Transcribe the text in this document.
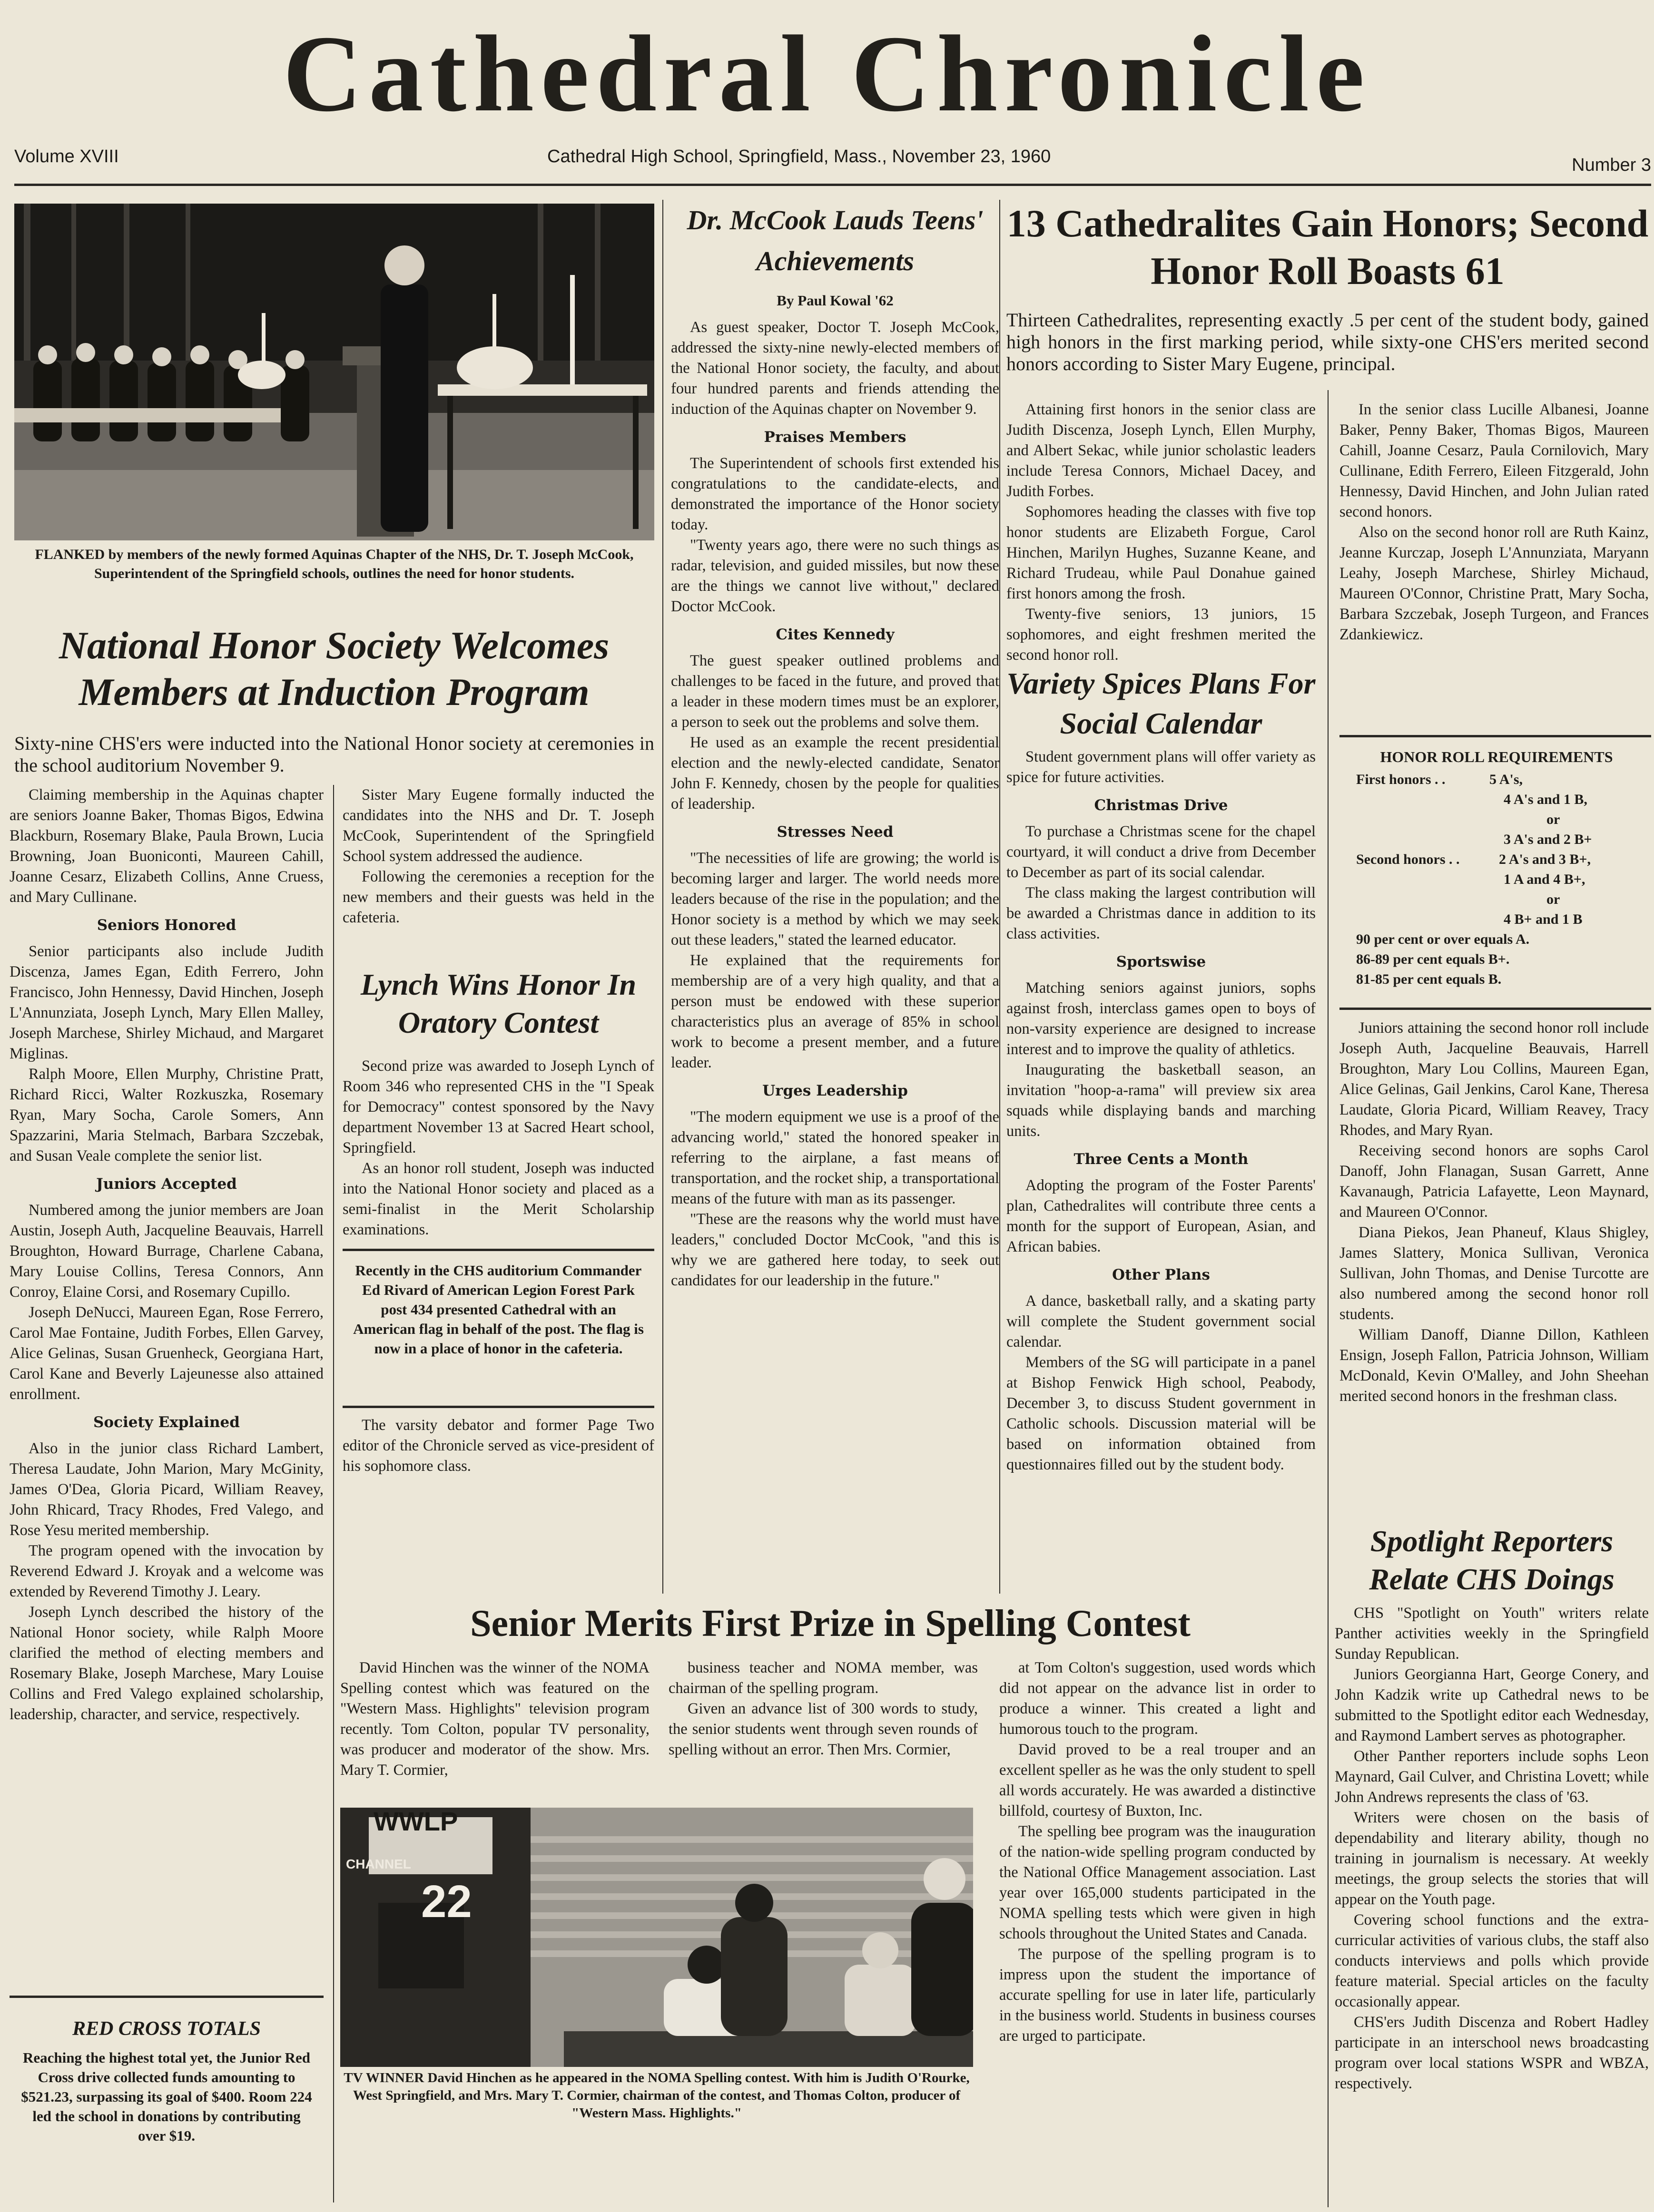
Cathedral Chronicle
Volume XVIII	Cathedral High School, Springfield, Mass., November 23, 1960	Number 3
FLANKED by members of the newly formed Aquinas Chapter of the NHS, Dr. T. Joseph McCook, Superintendent of the Springfield schools, outlines the need for honor students.
National Honor Society Welcomes Members at Induction Program
Sixty-nine CHS'ers were inducted into the National Honor society at ceremonies in the school auditorium November 9.

Claiming membership in the Aquinas chapter are seniors Joanne Baker, Thomas Bigos, Edwina Blackburn, Rosemary Blake, Paula Brown, Lucia Browning, Joan Buoniconti, Maureen Cahill, Joanne Cesarz, Elizabeth Collins, Anne Cruess, and Mary Cullinane.

Seniors Honored

Senior participants also include Judith Discenza, James Egan, Edith Ferrero, John Francisco, John Hennessy, David Hinchen, Joseph L'Annunziata, Joseph Lynch, Mary Ellen Malley, Joseph Marchese, Shirley Michaud, and Margaret Miglinas.

Ralph Moore, Ellen Murphy, Christine Pratt, Richard Ricci, Walter Rozkuszka, Rosemary Ryan, Mary Socha, Carole Somers, Ann Spazzarini, Maria Stelmach, Barbara Szczebak, and Susan Veale complete the senior list.

Juniors Accepted

Numbered among the junior members are Joan Austin, Joseph Auth, Jacqueline Beauvais, Harrell Broughton, Howard Burrage, Charlene Cabana, Mary Louise Collins, Teresa Connors, Ann Conroy, Elaine Corsi, and Rosemary Cupillo.

Joseph DeNucci, Maureen Egan, Rose Ferrero, Carol Mae Fontaine, Judith Forbes, Ellen Garvey, Alice Gelinas, Susan Gruenheck, Georgiana Hart, Carol Kane and Beverly Lajeunesse also attained enrollment.

Society Explained

Also in the junior class Richard Lambert, Theresa Laudate, John Marion, Mary McGinity, James O'Dea, Gloria Picard, William Reavey, John Rhicard, Tracy Rhodes, Fred Valego, and Rose Yesu merited membership.

The program opened with the invocation by Reverend Edward J. Kroyak and a welcome was extended by Reverend Timothy J. Leary.

Joseph Lynch described the history of the National Honor society, while Ralph Moore clarified the method of electing members and Rosemary Blake, Joseph Marchese, Mary Louise Collins and Fred Valego explained scholarship, leadership, character, and service, respectively.

Sister Mary Eugene formally inducted the candidates into the NHS and Dr. T. Joseph McCook, Superintendent of the Springfield School system addressed the audience.

Following the ceremonies a reception for the new members and their guests was held in the cafeteria.

RED CROSS TOTALS
Reaching the highest total yet, the Junior Red Cross drive collected funds amounting to $521.23, surpassing its goal of $400. Room 224 led the school in donations by contributing over $19.
Lynch Wins Honor In Oratory Contest

Second prize was awarded to Joseph Lynch of Room 346 who represented CHS in the "I Speak for Democracy" contest sponsored by the Navy department November 13 at Sacred Heart school, Springfield.

As an honor roll student, Joseph was inducted into the National Honor society and placed as a semi-finalist in the Merit Scholarship examinations.

Recently in the CHS auditorium Commander Ed Rivard of American Legion Forest Park post 434 presented Cathedral with an American flag in behalf of the post. The flag is now in a place of honor in the cafeteria.

The varsity debator and former Page Two editor of the Chronicle served as vice-president of his sophomore class.

Dr. McCook Lauds Teens' Achievements
By Paul Kowal '62

As guest speaker, Doctor T. Joseph McCook, addressed the sixty-nine newly-elected members of the National Honor society, the faculty, and about four hundred parents and friends attending the induction of the Aquinas chapter on November 9.

Praises Members

The Superintendent of schools first extended his congratulations to the candidate-elects, and demonstrated the importance of the Honor society today.

"Twenty years ago, there were no such things as radar, television, and guided missiles, but now these are the things we cannot live without," declared Doctor McCook.

Cites Kennedy

The guest speaker outlined problems and challenges to be faced in the future, and proved that a leader in these modern times must be an explorer, a person to seek out the problems and solve them.

He used as an example the recent presidential election and the newly-elected candidate, Senator John F. Kennedy, chosen by the people for qualities of leadership.

Stresses Need

"The necessities of life are growing; the world is becoming larger and larger. The world needs more leaders because of the rise in the population; and the Honor society is a method by which we may seek out these leaders," stated the learned educator.

He explained that the requirements for membership are of a very high quality, and that a person must be endowed with these superior characteristics plus an average of 85% in school work to become a present member, and a future leader.

Urges Leadership

"The modern equipment we use is a proof of the advancing world," stated the honored speaker in referring to the airplane, a fast means of transportation, and the rocket ship, a transportational means of the future with man as its passenger.

"These are the reasons why the world must have leaders," concluded Doctor McCook, "and this is why we are gathered here today, to seek out candidates for our leadership in the future."

13 Cathedralites Gain Honors; Second Honor Roll Boasts 61
Thirteen Cathedralites, representing exactly .5 per cent of the student body, gained high honors in the first marking period, while sixty-one CHS'ers merited second honors according to Sister Mary Eugene, principal.

Attaining first honors in the senior class are Judith Discenza, Joseph Lynch, Ellen Murphy, and Albert Sekac, while junior scholastic leaders include Teresa Connors, Michael Dacey, and Judith Forbes.

Sophomores heading the classes with five top honor students are Elizabeth Forgue, Carol Hinchen, Marilyn Hughes, Suzanne Keane, and Richard Trudeau, while Paul Donahue gained first honors among the frosh.

Twenty-five seniors, 13 juniors, 15 sophomores, and eight freshmen merited the second honor roll.

In the senior class Lucille Albanesi, Joanne Baker, Penny Baker, Thomas Bigos, Maureen Cahill, Joanne Cesarz, Paula Cornilovich, Mary Cullinane, Edith Ferrero, Eileen Fitzgerald, John Hennessy, David Hinchen, and John Julian rated second honors.

Also on the second honor roll are Ruth Kainz, Jeanne Kurczap, Joseph L'Annunziata, Maryann Leahy, Joseph Marchese, Shirley Michaud, Maureen O'Connor, Christine Pratt, Mary Socha, Barbara Szczebak, Joseph Turgeon, and Frances Zdankiewicz.

HONOR ROLL REQUIREMENTS
First honors . .	5 A's,
4 A's and 1 B,
or
3 A's and 2 B+
Second honors . .	2 A's and 3 B+,
1 A and 4 B+,
or
4 B+ and 1 B
90 per cent or over equals A.
86-89 per cent equals B+.
81-85 per cent equals B.

Juniors attaining the second honor roll include Joseph Auth, Jacqueline Beauvais, Harrell Broughton, Mary Lou Collins, Maureen Egan, Alice Gelinas, Gail Jenkins, Carol Kane, Theresa Laudate, Gloria Picard, William Reavey, Tracy Rhodes, and Mary Ryan.

Receiving second honors are sophs Carol Danoff, John Flanagan, Susan Garrett, Anne Kavanaugh, Patricia Lafayette, Leon Maynard, and Maureen O'Connor.

Diana Piekos, Jean Phaneuf, Klaus Shigley, James Slattery, Monica Sullivan, Veronica Sullivan, John Thomas, and Denise Turcotte are also numbered among the second honor roll students.

William Danoff, Dianne Dillon, Kathleen Ensign, Joseph Fallon, Patricia Johnson, William McDonald, Kevin O'Malley, and John Sheehan merited second honors in the freshman class.

Variety Spices Plans For Social Calendar

Student government plans will offer variety as spice for future activities.

Christmas Drive

To purchase a Christmas scene for the chapel courtyard, it will conduct a drive from December to December as part of its social calendar.

The class making the largest contribution will be awarded a Christmas dance in addition to its class activities.

Sportswise

Matching seniors against juniors, sophs against frosh, interclass games open to boys of non-varsity experience are designed to increase interest and to improve the quality of athletics.

Inaugurating the basketball season, an invitation "hoop-a-rama" will preview six area squads while displaying bands and marching units.

Three Cents a Month

Adopting the program of the Foster Parents' plan, Cathedralites will contribute three cents a month for the support of European, Asian, and African babies.

Other Plans

A dance, basketball rally, and a skating party will complete the Student government social calendar.

Members of the SG will participate in a panel at Bishop Fenwick High school, Peabody, December 3, to discuss Student government in Catholic schools. Discussion material will be based on information obtained from questionnaires filled out by the student body.

Spotlight Reporters Relate CHS Doings

CHS "Spotlight on Youth" writers relate Panther activities weekly in the Springfield Sunday Republican.

Juniors Georgianna Hart, George Conery, and John Kadzik write up Cathedral news to be submitted to the Spotlight editor each Wednesday, and Raymond Lambert serves as photographer.

Other Panther reporters include sophs Leon Maynard, Gail Culver, and Christina Lovett; while John Andrews represents the class of '63.

Writers were chosen on the basis of dependability and literary ability, though no training in journalism is necessary. At weekly meetings, the group selects the stories that will appear on the Youth page.

Covering school functions and the extra-curricular activities of various clubs, the staff also conducts interviews and polls which provide feature material. Special articles on the faculty occasionally appear.

CHS'ers Judith Discenza and Robert Hadley participate in an interschool news broadcasting program over local stations WSPR and WBZA, respectively.

Senior Merits First Prize in Spelling Contest

David Hinchen was the winner of the NOMA Spelling contest which was featured on the "Western Mass. Highlights" television program recently. Tom Colton, popular TV personality, was producer and moderator of the show. Mrs. Mary T. Cormier,

business teacher and NOMA member, was chairman of the spelling program.

Given an advance list of 300 words to study, the senior students went through seven rounds of spelling without an error. Then Mrs. Cormier,

at Tom Colton's suggestion, used words which did not appear on the advance list in order to produce a winner. This created a light and humorous touch to the program.

David proved to be a real trouper and an excellent speller as he was the only student to spell all words accurately. He was awarded a distinctive billfold, courtesy of Buxton, Inc.

The spelling bee program was the inauguration of the nation-wide spelling program conducted by the National Office Management association. Last year over 165,000 students participated in the NOMA spelling tests which were given in high schools throughout the United States and Canada.

The purpose of the spelling program is to impress upon the student the importance of accurate spelling for use in later life, particularly in the business world. Students in business courses are urged to participate.

WWLP
CHANNEL
22
TV WINNER David Hinchen as he appeared in the NOMA Spelling contest. With him is Judith O'Rourke, West Springfield, and Mrs. Mary T. Cormier, chairman of the contest, and Thomas Colton, producer of "Western Mass. Highlights."
